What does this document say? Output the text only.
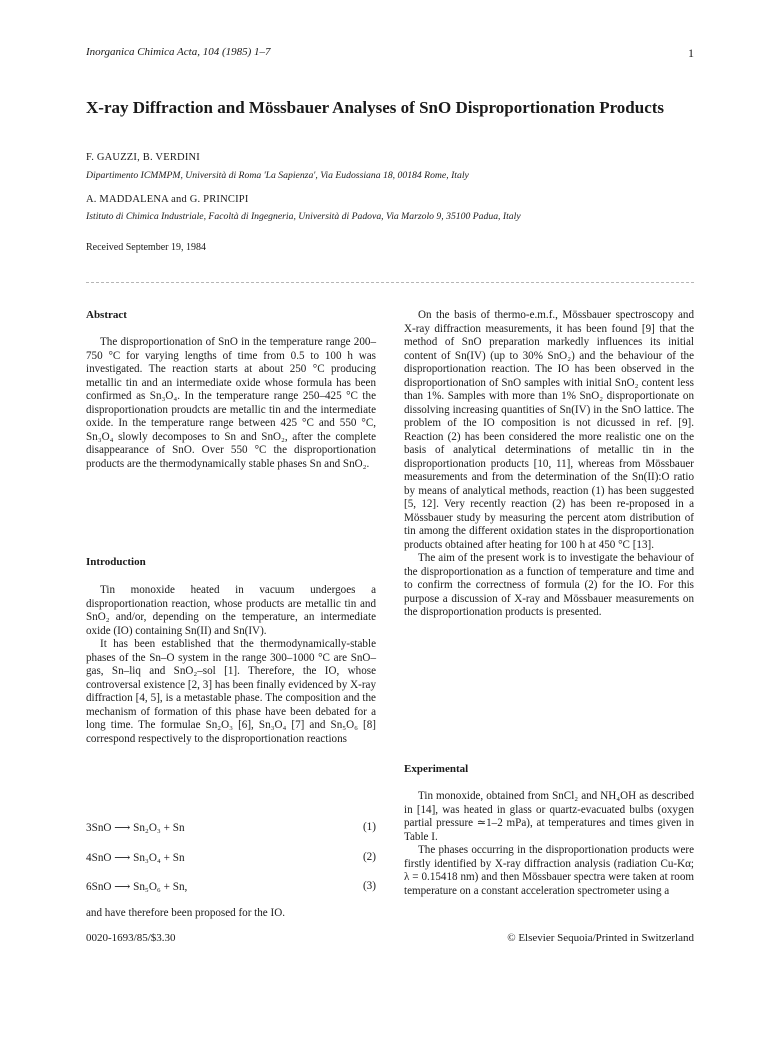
Inorganica Chimica Acta, 104 (1985) 1–7	1
X-ray Diffraction and Mössbauer Analyses of SnO Disproportionation Products
F. GAUZZI, B. VERDINI
Dipartimento ICMMPM, Università di Roma 'La Sapienza', Via Eudossiana 18, 00184 Rome, Italy
A. MADDALENA and G. PRINCIPI
Istituto di Chimica Industriale, Facoltà di Ingegneria, Università di Padova, Via Marzolo 9, 35100 Padua, Italy
Received September 19, 1984
Abstract

The disproportionation of SnO in the temperature range 200–750 °C for varying lengths of time from 0.5 to 100 h was investigated. The reaction starts at about 250 °C producing metallic tin and an intermediate oxide whose formula has been confirmed as Sn₃O₄. In the temperature range 250–425 °C the disproportionation proudcts are metallic tin and the intermediate oxide. In the temperature range between 425 °C and 550 °C, Sn₃O₄ slowly decomposes to Sn and SnO₂, after the complete disappearance of SnO. Over 550 °C the disproportionation products are the thermodynamically stable phases Sn and SnO₂.

Introduction

Tin monoxide heated in vacuum undergoes a disproportionation reaction, whose products are metallic tin and SnO₂ and/or, depending on the temperature, an intermediate oxide (IO) containing Sn(II) and Sn(IV).

It has been established that the thermodynamically-stable phases of the Sn–O system in the range 300–1000 °C are SnO–gas, Sn–liq and SnO₂–sol [1]. Therefore, the IO, whose controversal existence [2, 3] has been finally evidenced by X-ray diffraction [4, 5], is a metastable phase. The composition and the mechanism of formation of this phase have been debated for a long time. The formulae Sn₂O₃ [6], Sn₃O₄ [7] and Sn₅O₆ [8] correspond respectively to the disproportionation reactions

3SnO ⟶ Sn₂O₃ + Sn	(1)
4SnO ⟶ Sn₃O₄ + Sn	(2)
6SnO ⟶ Sn₅O₆ + Sn,	(3)
and have therefore been proposed for the IO.

On the basis of thermo-e.m.f., Mössbauer spectroscopy and X-ray diffraction measurements, it has been found [9] that the method of SnO preparation markedly influences its initial content of Sn(IV) (up to 30% SnO₂) and the behaviour of the disproportionation reaction. The IO has been observed in the disproportionation of SnO samples with initial SnO₂ content less than 1%. Samples with more than 1% SnO₂ disproportionate on dissolving increasing quantities of Sn(IV) in the SnO lattice. The problem of the IO composition is not dicussed in ref. [9]. Reaction (2) has been considered the more realistic one on the basis of analytical determinations of metallic tin in the disproportionation products [10, 11], whereas from Mössbauer measurements and from the determination of the Sn(II):O ratio by means of analytical methods, reaction (1) has been suggested [5, 12]. Very recently reaction (2) has been re-proposed in a Mössbauer study by measuring the percent atom distribution of tin among the different oxidation states in the disproportionation products obtained after heating for 100 h at 450 °C [13].

The aim of the present work is to investigate the behaviour of the disproportionation as a function of temperature and time and to confirm the correctness of formula (2) for the IO. For this purpose a discussion of X-ray and Mössbauer measurements on the disproportionation products is presented.

Experimental

Tin monoxide, obtained from SnCl₂ and NH₄OH as described in [14], was heated in glass or quartz-evacuated bulbs (oxygen partial pressure ≃1–2 mPa), at temperatures and times given in Table I.

The phases occurring in the disproportionation products were firstly identified by X-ray diffraction analysis (radiation Cu-Kα; λ = 0.15418 nm) and then Mössbauer spectra were taken at room temperature on a constant acceleration spectrometer using a

0020-1693/85/$3.30	© Elsevier Sequoia/Printed in Switzerland
